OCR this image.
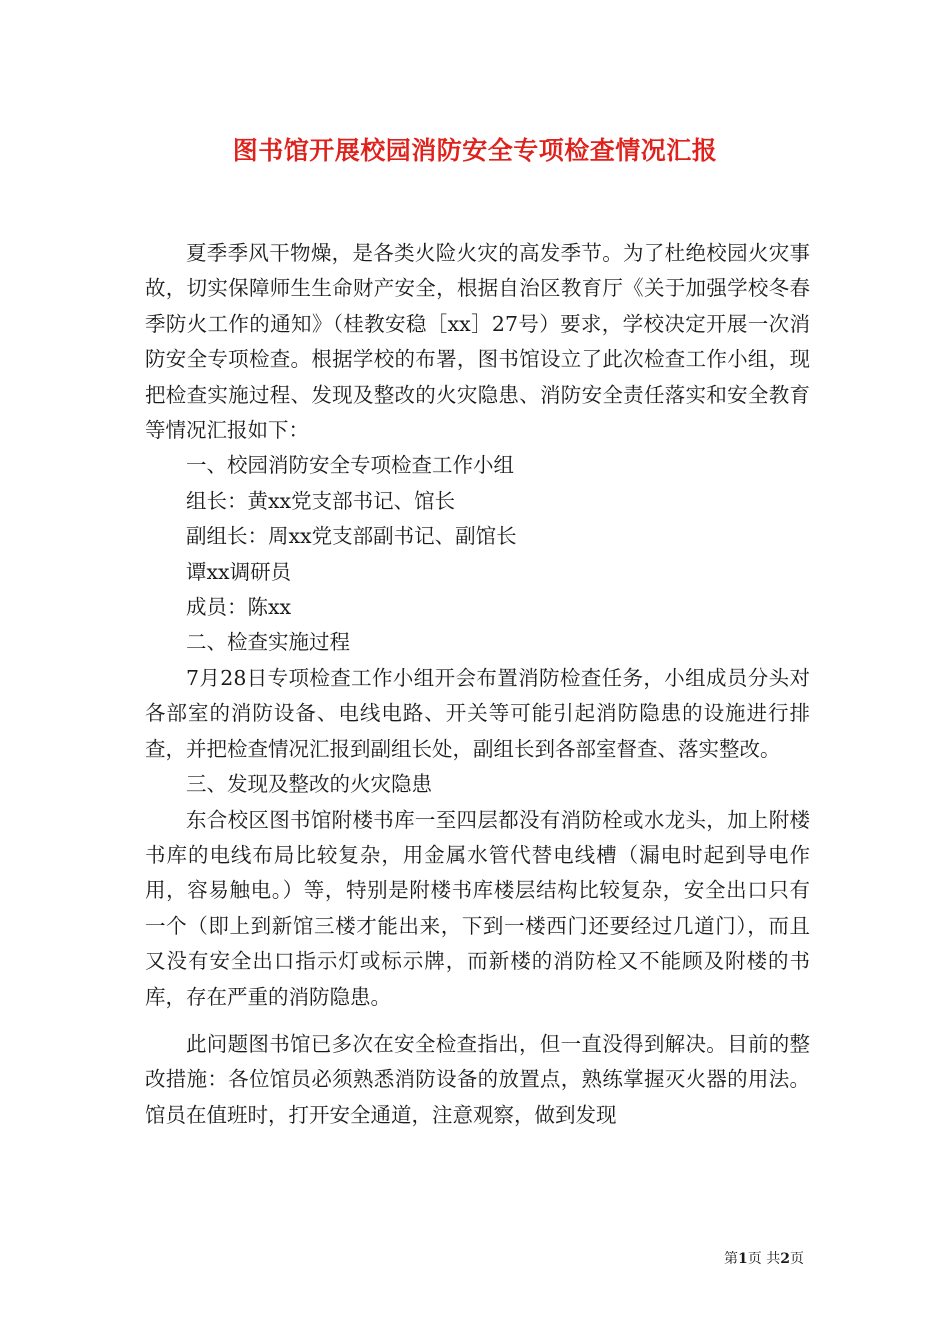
图书馆开展校园消防安全专项检查情况汇报

夏季季风干物燥，是各类火险火灾的高发季节。为了杜绝校园火灾事故，切实保障师生生命财产安全，根据自治区教育厅《关于加强学校冬春季防火工作的通知》（桂教安稳［xx］27号）要求，学校决定开展一次消防安全专项检查。根据学校的布署，图书馆设立了此次检查工作小组，现把检查实施过程、发现及整改的火灾隐患、消防安全责任落实和安全教育等情况汇报如下：

一、校园消防安全专项检查工作小组

组长：黄xx党支部书记、馆长

副组长：周xx党支部副书记、副馆长

谭xx调研员

成员：陈xx

二、检查实施过程

7月28日专项检查工作小组开会布置消防检查任务，小组成员分头对各部室的消防设备、电线电路、开关等可能引起消防隐患的设施进行排查，并把检查情况汇报到副组长处，副组长到各部室督查、落实整改。

三、发现及整改的火灾隐患

东合校区图书馆附楼书库一至四层都没有消防栓或水龙头，加上附楼书库的电线布局比较复杂，用金属水管代替电线槽（漏电时起到导电作用，容易触电。）等，特别是附楼书库楼层结构比较复杂，安全出口只有一个（即上到新馆三楼才能出来，下到一楼西门还要经过几道门），而且又没有安全出口指示灯或标示牌，而新楼的消防栓又不能顾及附楼的书库，存在严重的消防隐患。

此问题图书馆已多次在安全检查指出，但一直没得到解决。目前的整改措施：各位馆员必须熟悉消防设备的放置点，熟练掌握灭火器的用法。馆员在值班时，打开安全通道，注意观察，做到发现

第1页 共2页
